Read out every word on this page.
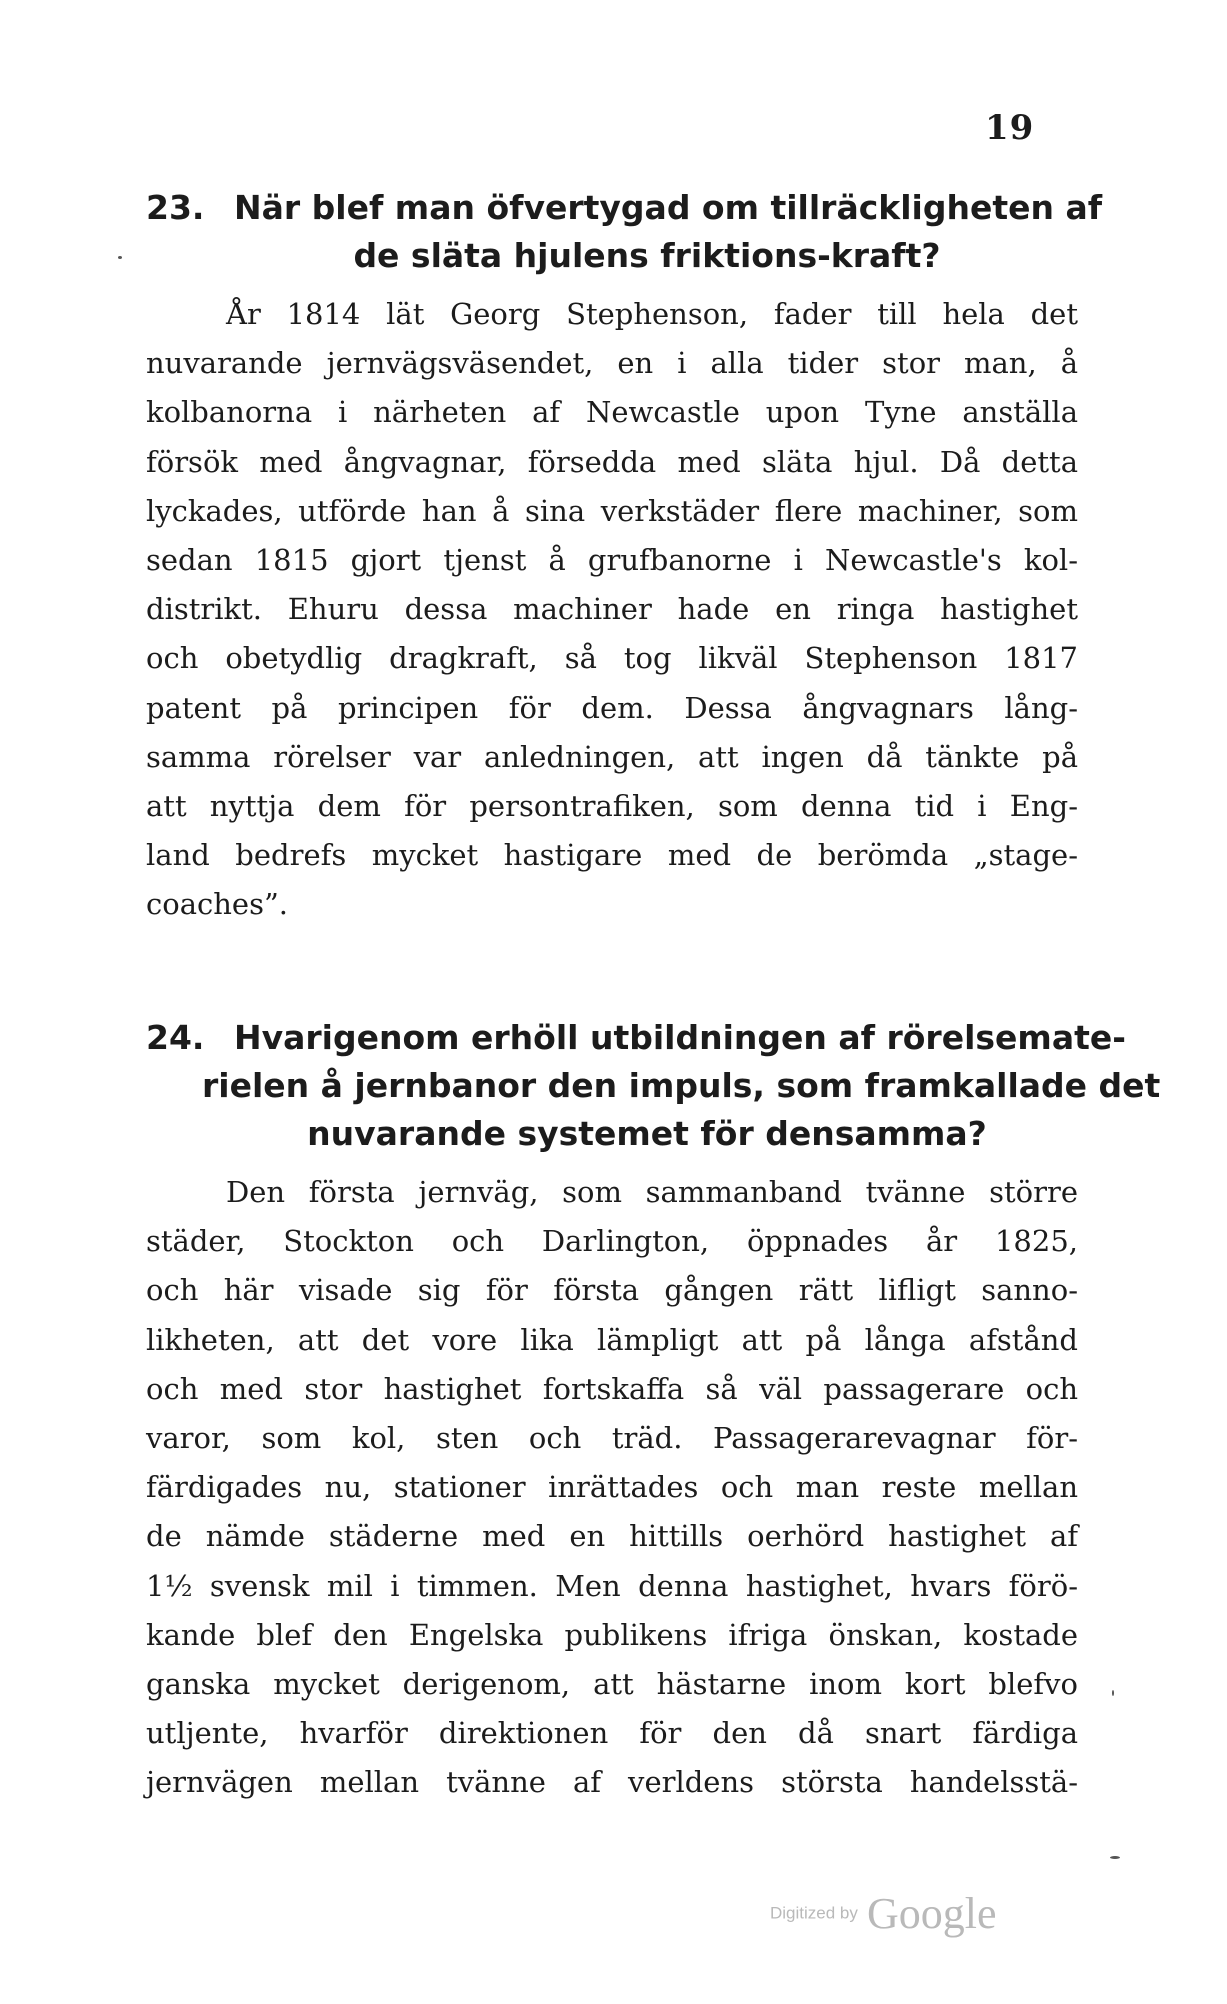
19
23. När blef man öfvertygad om tillräckligheten af
de släta hjulens friktions-kraft?
År 1814 lät Georg Stephenson, fader till hela det
nuvarande jernvägsväsendet, en i alla tider stor man, å
kolbanorna i närheten af Newcastle upon Tyne anställa
försök med ångvagnar, försedda med släta hjul. Då detta
lyckades, utförde han å sina verkstäder flere machiner, som
sedan 1815 gjort tjenst å grufbanorne i Newcastle's kol-
distrikt. Ehuru dessa machiner hade en ringa hastighet
och obetydlig dragkraft, så tog likväl Stephenson 1817
patent på principen för dem. Dessa ångvagnars lång-
samma rörelser var anledningen, att ingen då tänkte på
att nyttja dem för persontrafiken, som denna tid i Eng-
land bedrefs mycket hastigare med de berömda „stage-
coaches”.
24. Hvarigenom erhöll utbildningen af rörelsemate-
rielen å jernbanor den impuls, som framkallade det
nuvarande systemet för densamma?
Den första jernväg, som sammanband tvänne större
städer, Stockton och Darlington, öppnades år 1825,
och här visade sig för första gången rätt lifligt sanno-
likheten, att det vore lika lämpligt att på långa afstånd
och med stor hastighet fortskaffa så väl passagerare och
varor, som kol, sten och träd. Passagerarevagnar för-
färdigades nu, stationer inrättades och man reste mellan
de nämde städerne med en hittills oerhörd hastighet af
1½ svensk mil i timmen. Men denna hastighet, hvars förö-
kande blef den Engelska publikens ifriga önskan, kostade
ganska mycket derigenom, att hästarne inom kort blefvo
utljente, hvarför direktionen för den då snart färdiga
jernvägen mellan tvänne af verldens största handelsstä-
Digitized by Google
